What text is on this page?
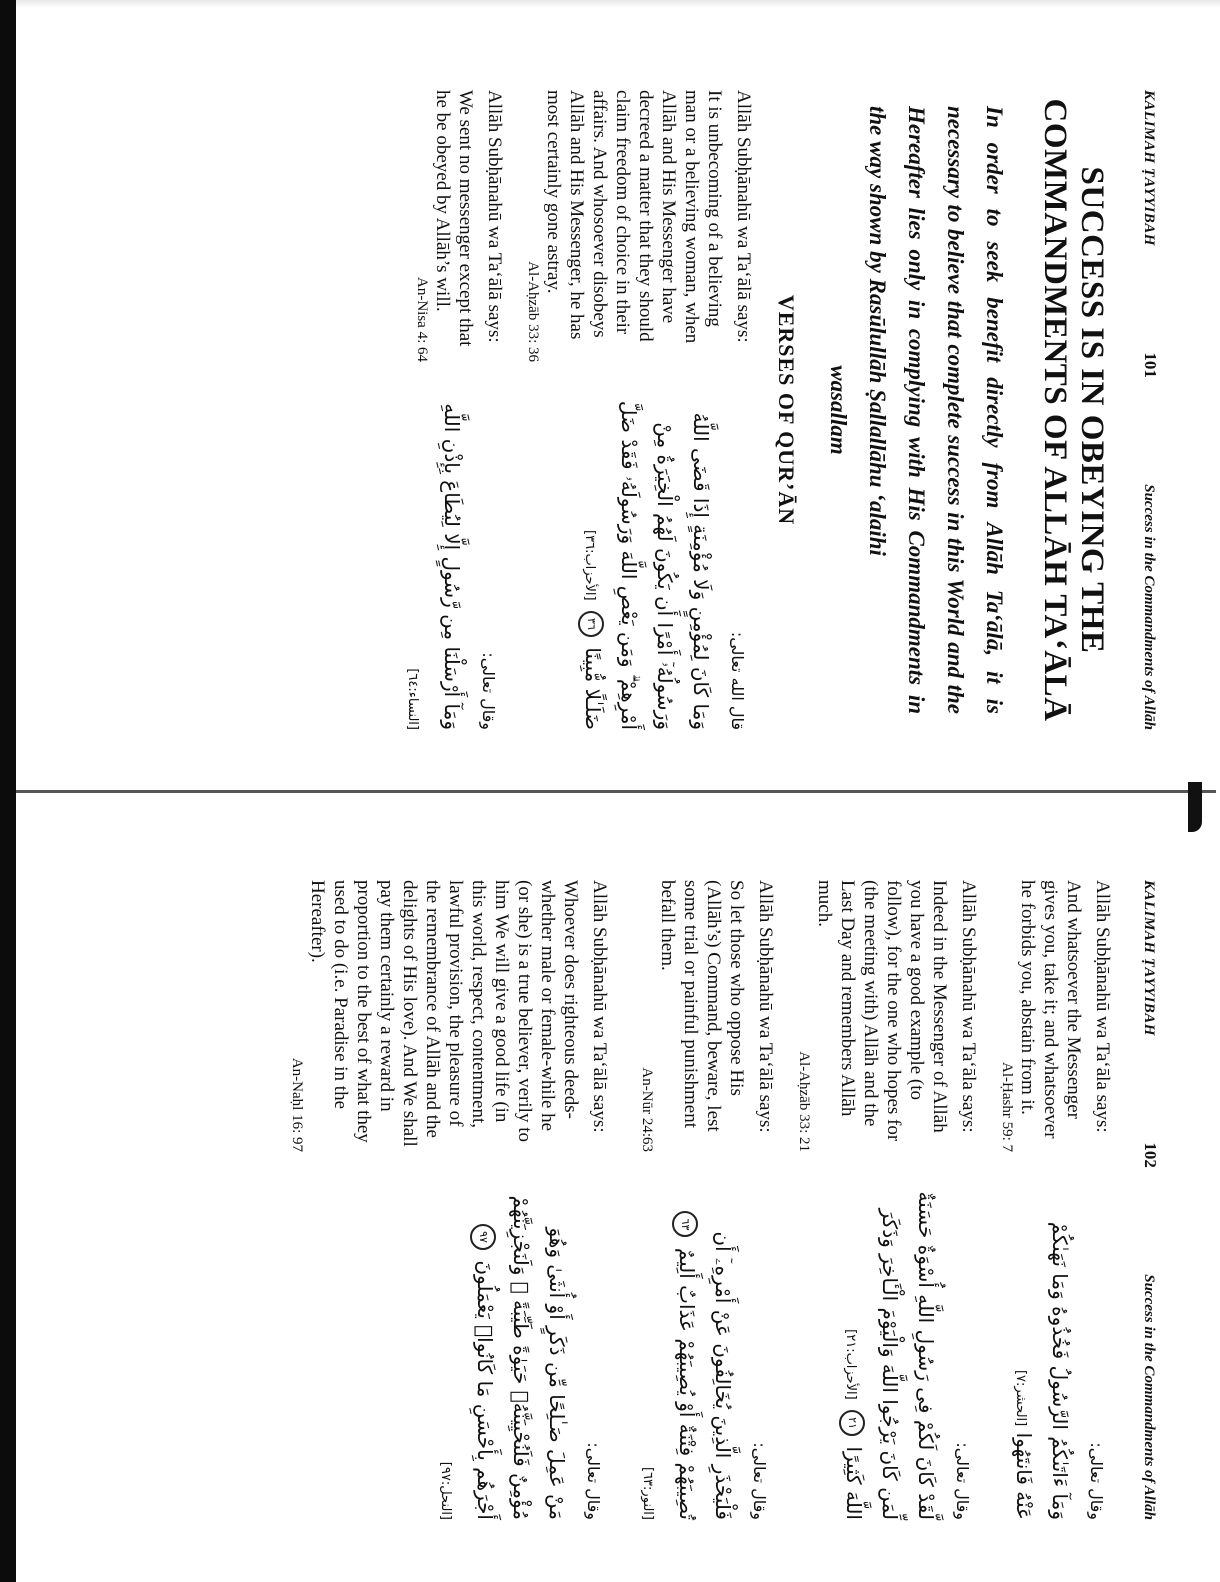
KALIMAH ṬAYYIBAH
101
Success in the Commandments of Allāh
SUCCESS IS IN OBEYING THE
COMMANDMENTS OF ALLĀH TA‘ĀLĀ

In order to seek benefit directly from Allāh Ta‘ālā, it is necessary to believe that complete success in this World and the Hereafter lies only in complying with His Commandments in the way shown by Rasūlullāh Ṣallallāhu ‘alaihi
wasallam

VERSES OF QUR’ĀN
Allāh Subḥānahū wa Ta‘ālā says:
It is unbecoming of a believing man or a believing woman, when Allāh and His Messenger have decreed a matter that they should claim freedom of choice in their affairs. And whosoever disobeys Allāh and His Messenger, he has most certainly gone astray.
Al-Aḥzāb 33: 36
قال الله تعالى:
وَمَا كَانَ لِمُؤْمِنٍ وَلَا مُؤْمِنَةٍ إِذَا قَضَى اللَّهُ وَرَسُولُهُۥٓ أَمْرًا أَن يَكُونَ لَهُمُ الْخِيَرَةُ مِنْ أَمْرِهِمْ ۗ وَمَن يَعْصِ اللَّهَ وَرَسُولَهُۥ فَقَدْ ضَلَّ ضَلَـٰلًا مُّبِينًا ٣٦ [الأحزاب:٣٦]
Allāh Subḥānahū wa Ta‘ālā says:
We sent no messenger except that he be obeyed by Allāh’s will.
An-Nisa 4: 64
وقال تعالى:
وَمَآ أَرْسَلْنَا مِن رَّسُولٍ إِلَّا لِيُطَاعَ بِإِذْنِ اللَّهِ [النساء:٦٤]
KALIMAH ṬAYYIBAH
102
Success in the Commandments of Allāh
Allāh Subḥānahū wa Ta‘āla says:
And whatsoever the Messenger gives you, take it; and whatsoever he forbids you, abstain from it.
Al-Ḥashr 59: 7
وقال تعالى:
وَمَآ ءَاتَىٰكُمُ الرَّسُولُ فَخُذُوهُ وَمَا نَهَىٰكُمْ عَنْهُ فَانتَهُوا [الحشر:٧]
Allāh Subḥānahū wa Ta‘āla says:
Indeed in the Messenger of Allāh you have a good example (to follow), for the one who hopes for (the meeting with) Allāh and the Last Day and remembers Allāh much.
Al-Aḥzāb 33: 21
وقال تعالى:
لَّقَدْ كَانَ لَكُمْ فِى رَسُولِ اللَّهِ أُسْوَةٌ حَسَنَةٌ لِّمَن كَانَ يَرْجُوا اللَّهَ وَالْيَوْمَ الْـَٔاخِرَ وَذَكَرَ اللَّهَ كَثِيرًا ٢١ [الأحزاب:٢١]
Allāh Subḥānahū wa Ta‘ālā says:
So let those who oppose His (Allāh’s) Command, beware, lest some trial or painful punishment befall them.
An-Nūr 24:63
وقال تعالى:
فَلْيَحْذَرِ الَّذِينَ يُخَالِفُونَ عَنْ أَمْرِهِۦٓ أَن تُصِيبَهُمْ فِتْنَةٌ أَوْ يُصِيبَهُمْ عَذَابٌ أَلِيمٌ ٦٣ [النور:٦٣]
Allāh Subḥānahū wa Ta‘ālā says:
Whoever does righteous deeds-whether male or female-while he (or she) is a true believer, verily to him We will give a good life (in this world, respect, contentment, lawful provision, the pleasure of the remembrance of Allāh and the delights of His love). And We shall pay them certainly a reward in proportion to the best of what they used to do (i.e. Paradise in the Hereafter).
An-Naḥl 16: 97
وقال تعالى:
مَنْ عَمِلَ صَـٰلِحًا مِّن ذَكَرٍ أَوْ أُنثَىٰ وَهُوَ مُؤْمِنٌ فَلَنُحْيِيَنَّهُۥ حَيَوٰةً طَيِّبَةً ۖ وَلَنَجْزِيَنَّهُمْ أَجْرَهُم بِأَحْسَنِ مَا كَانُوا۟ يَعْمَلُونَ ٩٧ [النحل:٩٧]
